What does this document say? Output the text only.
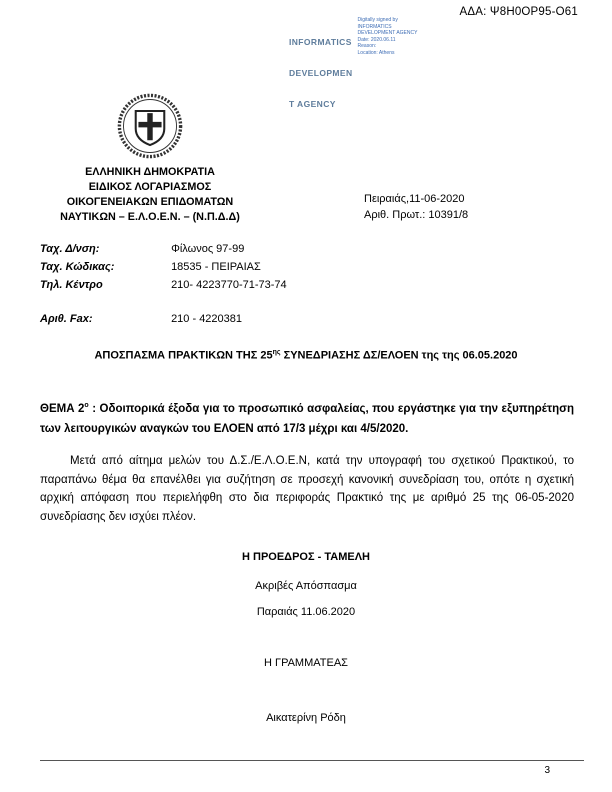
ΑΔΑ: Ψ8Η0ΟΡ95-Ο61

INFORMATICS

DEVELOPMEN

T AGENCY

Digitally signed by
INFORMATICS
DEVELOPMENT AGENCY
Date: 2020.06.11
Reason:
Location: Athens
ΕΛΛΗΝΙΚΗ ΔΗΜΟΚΡΑΤΙΑ
ΕΙΔΙΚΟΣ ΛΟΓΑΡΙΑΣΜΟΣ
ΟΙΚΟΓΕΝΕΙΑΚΩΝ ΕΠΙΔΟΜΑΤΩΝ
ΝΑΥΤΙΚΩΝ – Ε.Λ.Ο.Ε.Ν. – (Ν.Π.Δ.Δ)
Πειραιάς,11-06-2020
Αριθ. Πρωτ.: 10391/8
Ταχ. Δ/νση:	Φίλωνος 97-99
Ταχ. Κώδικας:	18535 - ΠΕΙΡΑΙΑΣ
Τηλ. Κέντρο	210- 4223770-71-73-74
Αριθ. Fax:	210 - 4220381
ΑΠΟΣΠΑΣΜΑ ΠΡΑΚΤΙΚΩΝ ΤΗΣ $25^{\eta\varsigma}$ ΣΥΝΕΔΡΙΑΣΗΣ ΔΣ/ΕΛΟΕΝ της της 06.05.2020
ΘΕΜΑ $2^o$ : Οδοιπορικά έξοδα για το προσωπικό ασφαλείας, που εργάστηκε για την εξυπηρέτηση των λειτουργικών αναγκών του ΕΛΟΕΝ από 17/3 μέχρι και 4/5/2020.
Μετά από αίτημα μελών του Δ.Σ./Ε.Λ.Ο.Ε.Ν, κατά την υπογραφή του σχετικού Πρακτικού, το παραπάνω θέμα θα επανέλθει για συζήτηση σε προσεχή κανονική συνεδρίαση του, οπότε η σχετική αρχική απόφαση που περιελήφθη στο δια περιφοράς Πρακτικό της με αριθμό 25 της 06-05-2020 συνεδρίασης δεν ισχύει πλέον.
Η ΠΡΟΕΔΡΟΣ - ΤΑΜΕΛΗ
Ακριβές Απόσπασμα
Παραιάς 11.06.2020
Η ΓΡΑΜΜΑΤΕΑΣ
Αικατερίνη Ρόδη
3
